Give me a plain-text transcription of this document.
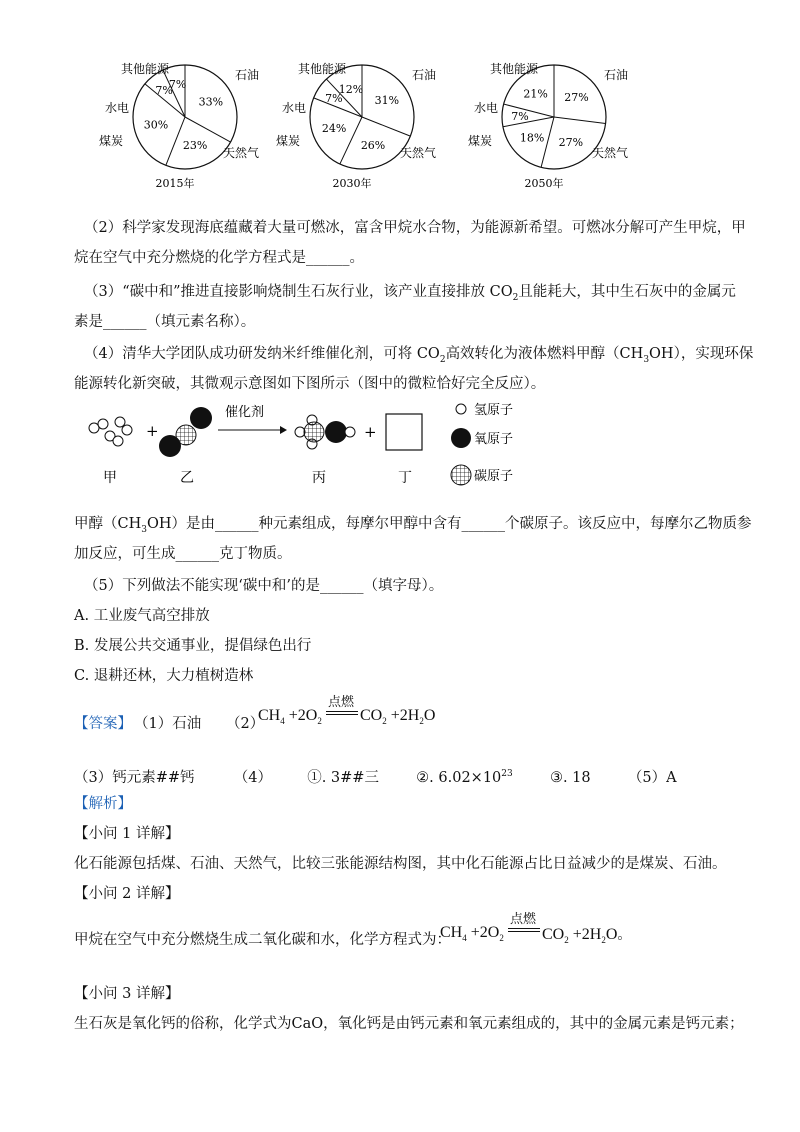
33%
石油
23%
天然气
30%
煤炭
7%
水电
7%
其他能源
2015年
31%
石油
26%
天然气
24%
煤炭
7%
水电
12%
其他能源
2030年
27%
石油
27%
天然气
18%
煤炭
7%
水电
21%
其他能源
2050年
（2）科学家发现海底蕴藏着大量可燃冰，富含甲烷水合物，为能源新希望。可燃冰分解可产生甲烷，甲
烷在空气中充分燃烧的化学方程式是______。
（3）“碳中和”推进直接影响烧制生石灰行业，该产业直接排放 $CO_2$且能耗大，其中生石灰中的金属元
素是______（填元素名称）。
（4）清华大学团队成功研发纳米纤维催化剂，可将 $CO_2$高效转化为液体燃料甲醇$(CH_3OH)$，实现环保
能源转化新突破，其微观示意图如下图所示（图中的微粒恰好完全反应）。
+
催化剂
+
甲	乙	丙	丁
氢原子
氧原子
碳原子
甲醇$(CH_3OH)$是由______种元素组成，每摩尔甲醇中含有______个碳原子。该反应中，每摩尔乙物质参
加反应，可生成______克丁物质。
（5）下列做法不能实现‘碳中和’的是______（填字母）。
A. 工业废气高空排放
B. 发展公共交通事业，提倡绿色出行
C. 退耕还林，大力植树造林
【答案】 （1）石油 （2）
$CH_4 +2O_2$
点燃
$CO_2 +2H_2O$
（3）钙元素##钙	（4） ①. 3##三	②. $6.02\times 10^{23}$	③. 18	（5）A
【解析】
【小问 1 详解】
化石能源包括煤、石油、天然气，比较三张能源结构图，其中化石能源占比日益减少的是煤炭、石油。
【小问 2 详解】
甲烷在空气中充分燃烧生成二氧化碳和水，化学方程式为：
$CH_4 +2O_2$
点燃
$CO_2 +2H_2O$。
【小问 3 详解】
生石灰是氧化钙的俗称，化学式为CaO，氧化钙是由钙元素和氧元素组成的，其中的金属元素是钙元素；
